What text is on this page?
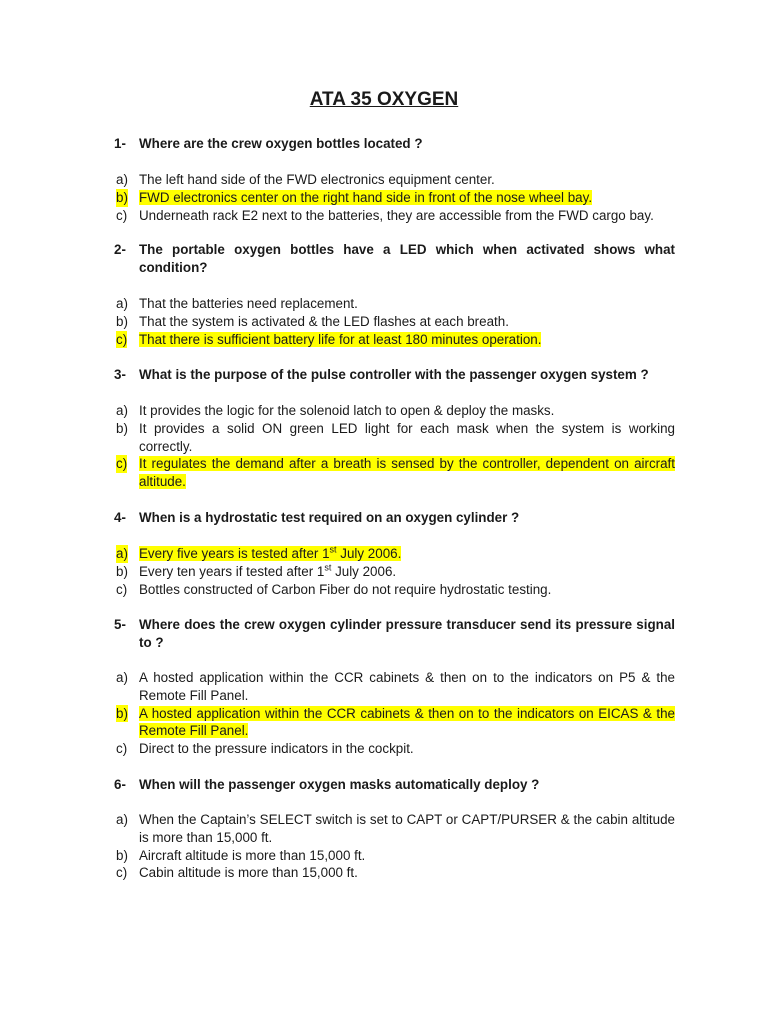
ATA 35 OXYGEN
1- Where are the crew oxygen bottles located ?
a) The left hand side of the FWD electronics equipment center.
b) FWD electronics center on the right hand side in front of the nose wheel bay.
c) Underneath rack E2 next to the batteries, they are accessible from the FWD cargo bay.
2- The portable oxygen bottles have a LED which when activated shows what condition?
a) That the batteries need replacement.
b) That the system is activated & the LED flashes at each breath.
c) That there is sufficient battery life for at least 180 minutes operation.
3- What is the purpose of the pulse controller with the passenger oxygen system ?
a) It provides the logic for the solenoid latch to open & deploy the masks.
b) It provides a solid ON green LED light for each mask when the system is working correctly.
c) It regulates the demand after a breath is sensed by the controller, dependent on aircraft altitude.
4- When is a hydrostatic test required on an oxygen cylinder ?
a) Every five years is tested after 1st July 2006.
b) Every ten years if tested after 1st July 2006.
c) Bottles constructed of Carbon Fiber do not require hydrostatic testing.
5- Where does the crew oxygen cylinder pressure transducer send its pressure signal to ?
a) A hosted application within the CCR cabinets & then on to the indicators on P5 & the Remote Fill Panel.
b) A hosted application within the CCR cabinets & then on to the indicators on EICAS & the Remote Fill Panel.
c) Direct to the pressure indicators in the cockpit.
6- When will the passenger oxygen masks automatically deploy ?
a) When the Captain’s SELECT switch is set to CAPT or CAPT/PURSER & the cabin altitude is more than 15,000 ft.
b) Aircraft altitude is more than 15,000 ft.
c) Cabin altitude is more than 15,000 ft.
